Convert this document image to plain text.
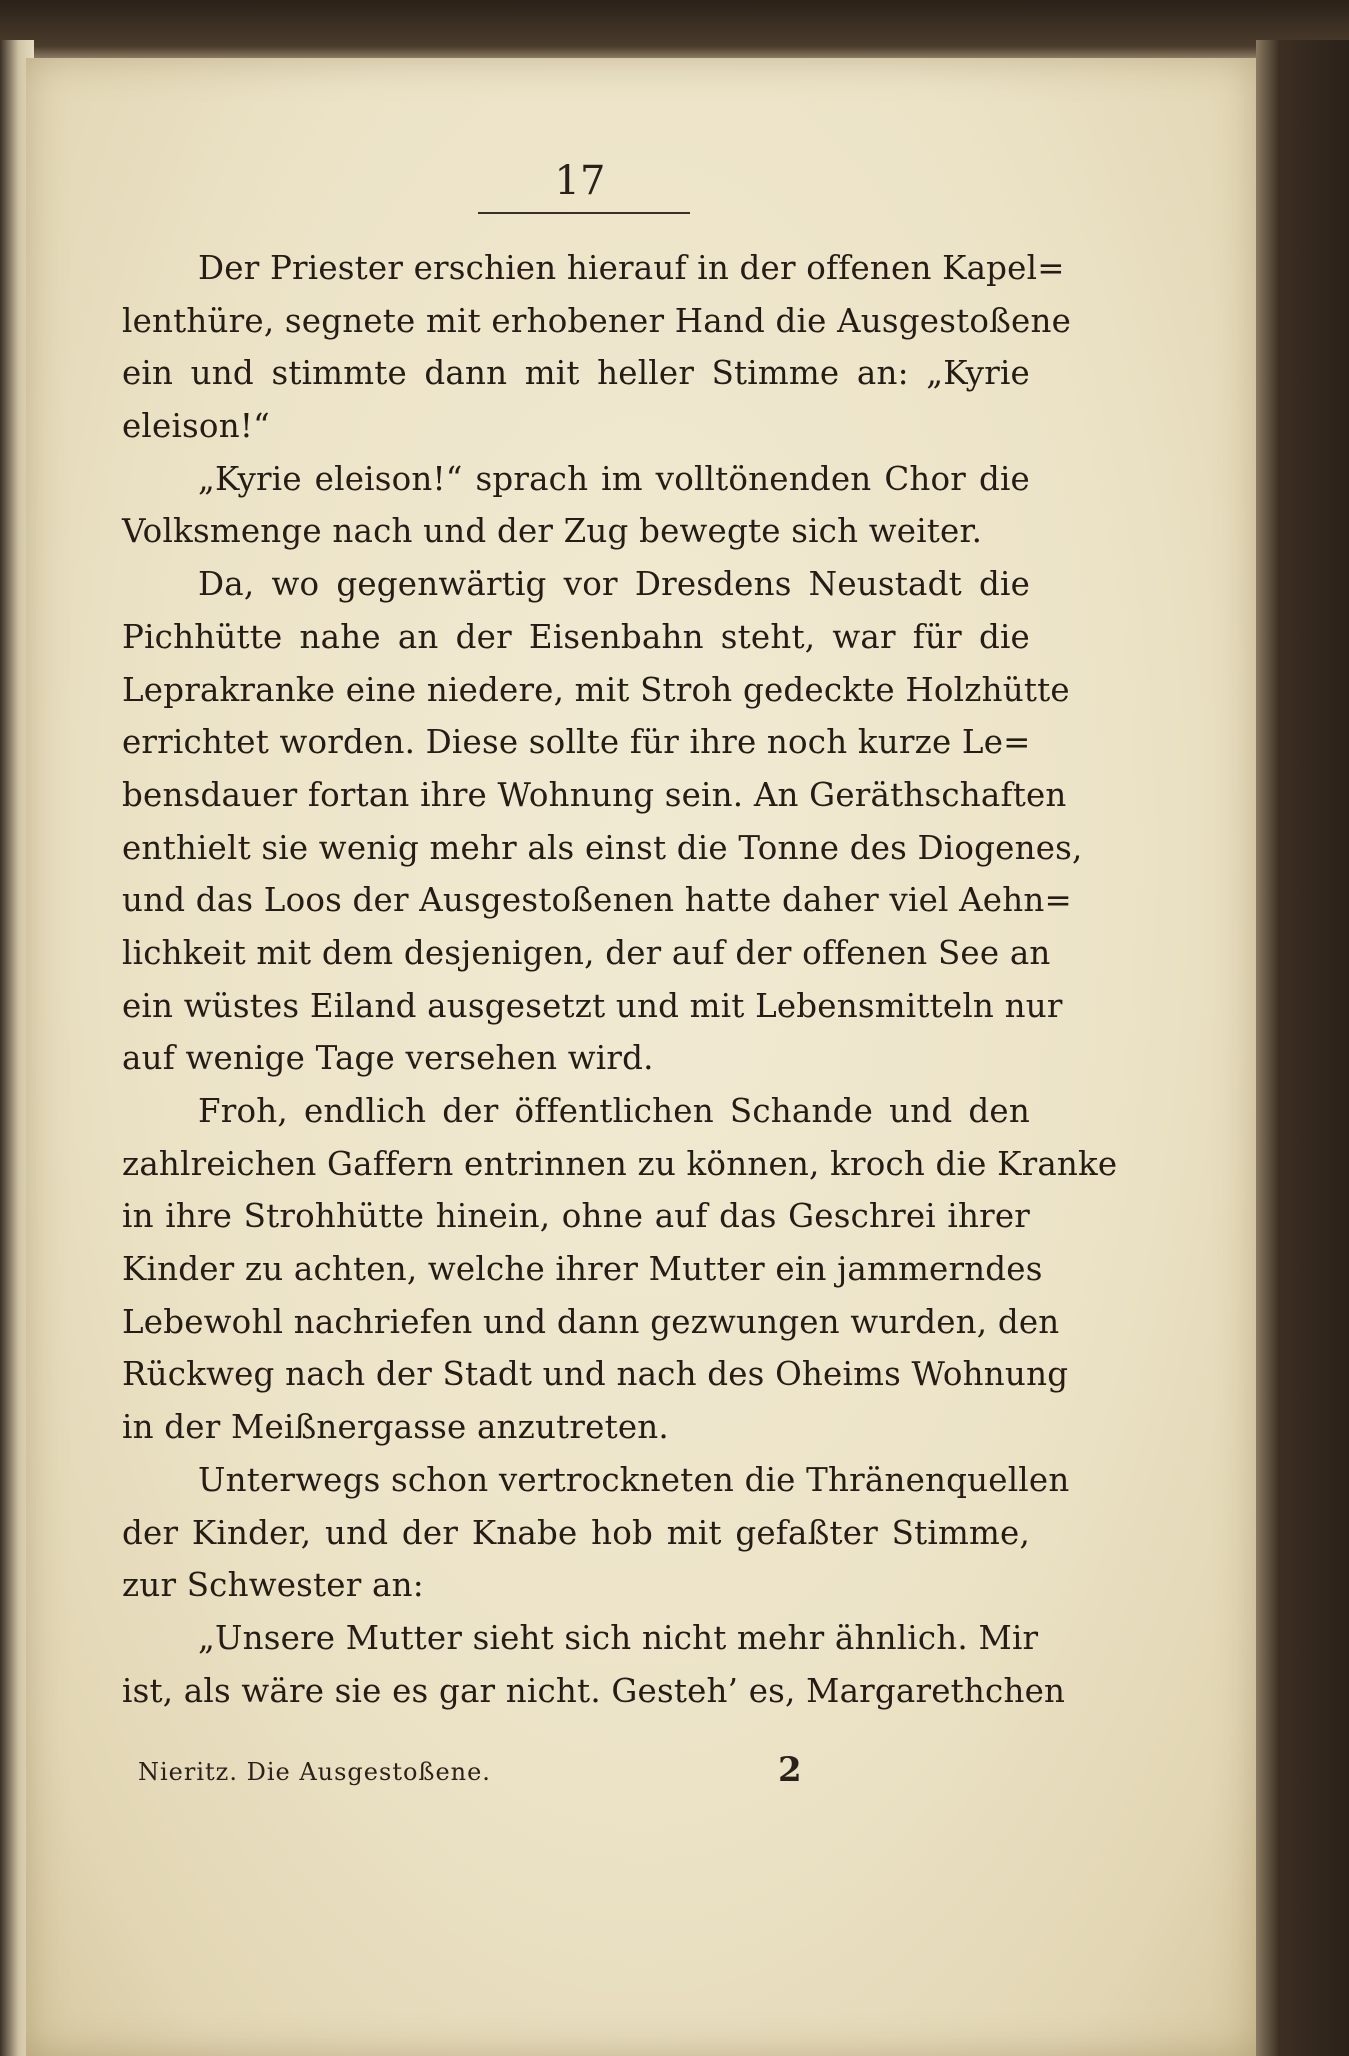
17
Der Priester erschien hierauf in der offenen Kapel=
lenthüre, segnete mit erhobener Hand die Ausgestoßene
ein und stimmte dann mit heller Stimme an: „Kyrie
eleison!“
„Kyrie eleison!“ sprach im volltönenden Chor die
Volksmenge nach und der Zug bewegte sich weiter.
Da, wo gegenwärtig vor Dresdens Neustadt die
Pichhütte nahe an der Eisenbahn steht, war für die
Leprakranke eine niedere, mit Stroh gedeckte Holzhütte
errichtet worden. Diese sollte für ihre noch kurze Le=
bensdauer fortan ihre Wohnung sein. An Geräthschaften
enthielt sie wenig mehr als einst die Tonne des Diogenes,
und das Loos der Ausgestoßenen hatte daher viel Aehn=
lichkeit mit dem desjenigen, der auf der offenen See an
ein wüstes Eiland ausgesetzt und mit Lebensmitteln nur
auf wenige Tage versehen wird.
Froh, endlich der öffentlichen Schande und den
zahlreichen Gaffern entrinnen zu können, kroch die Kranke
in ihre Strohhütte hinein, ohne auf das Geschrei ihrer
Kinder zu achten, welche ihrer Mutter ein jammerndes
Lebewohl nachriefen und dann gezwungen wurden, den
Rückweg nach der Stadt und nach des Oheims Wohnung
in der Meißnergasse anzutreten.
Unterwegs schon vertrockneten die Thränenquellen
der Kinder, und der Knabe hob mit gefaßter Stimme,
zur Schwester an:
„Unsere Mutter sieht sich nicht mehr ähnlich. Mir
ist, als wäre sie es gar nicht. Gesteh’ es, Margarethchen
Nieritz. Die Ausgestoßene.	2
